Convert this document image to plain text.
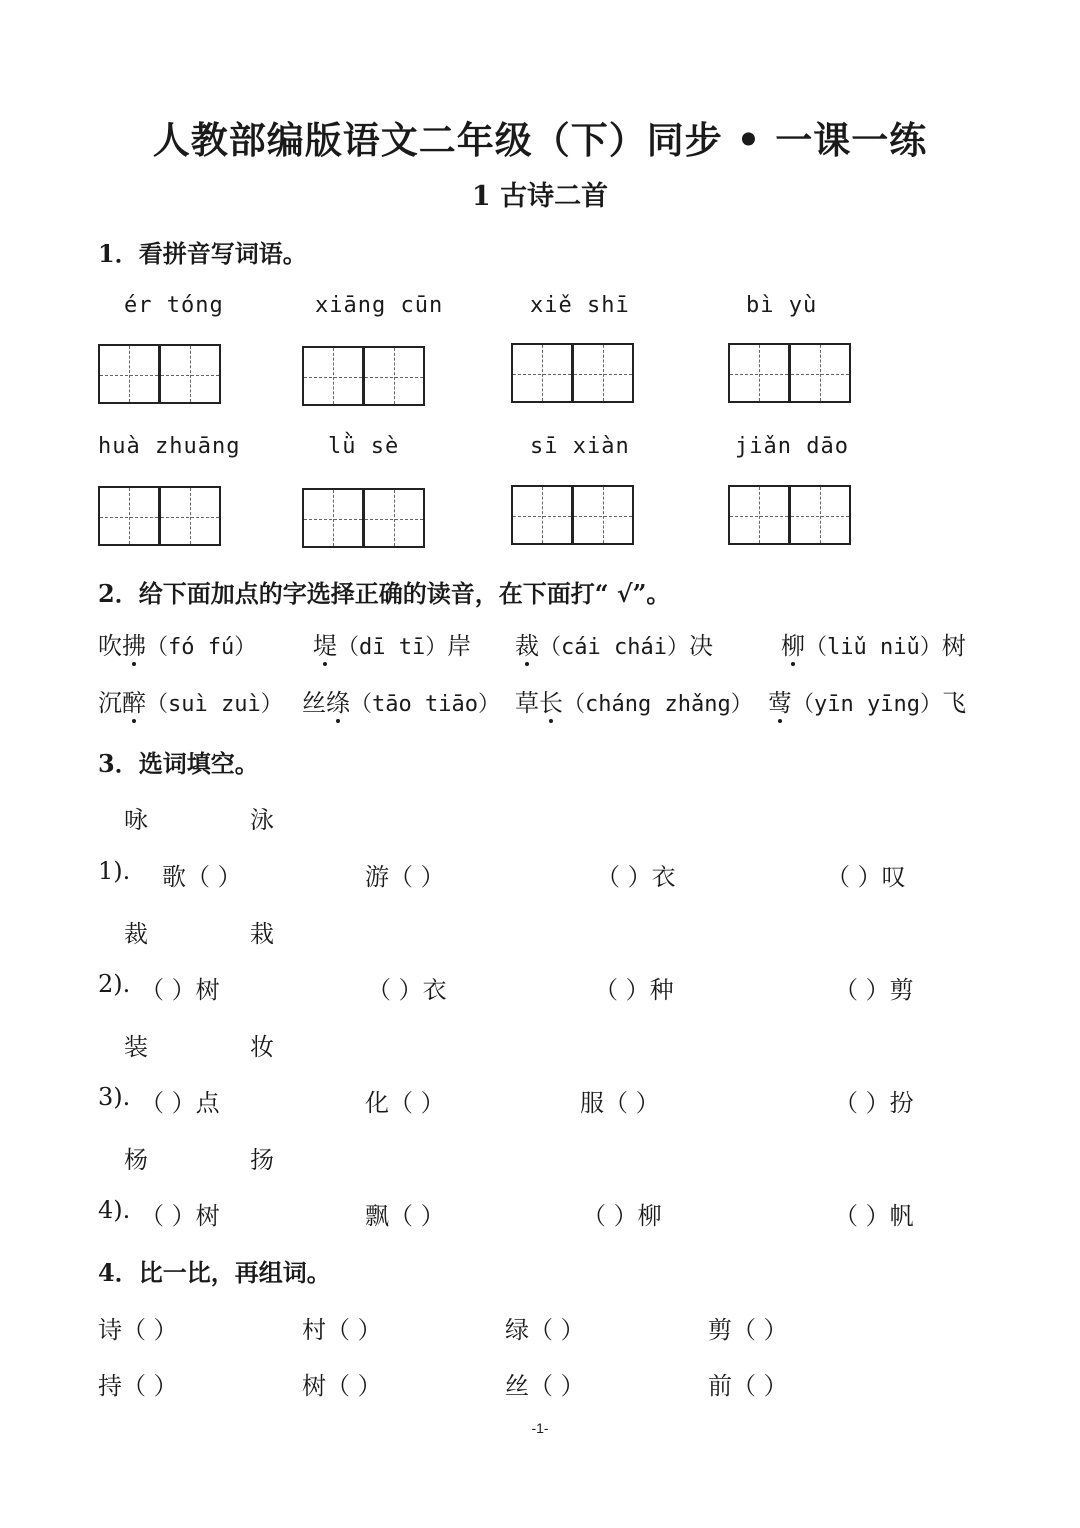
人教部编版语文二年级（下）同步 • 一课一练
1 古诗二首
1．看拼音写词语。
ér tóng	xiāng cūn	xiě shī	bì yù
huà zhuāng	lǜ sè	sī xiàn	jiǎn dāo
2．给下面加点的字选择正确的读音，在下面打“ √”。
吹拂（fó fú） 堤（dī tī）岸 裁（cái chái）决	柳（liǔ niǔ）树
沉醉（suì zuì） 丝绦（tāo tiāo） 草长（cháng zhǎng） 莺（yīn yīng）飞
3．选词填空。
咏	泳
1). 歌（ ）	游（ ）	（ ）衣	（ ）叹
裁	栽
2). （ ）树	（ ）衣	（ ）种	（ ）剪
装	妆
3). （ ）点	化（ ）	服（ ）	（ ）扮
杨	扬
4). （ ）树	飘（ ）	（ ）柳	（ ）帆
4．比一比，再组词。
诗（ ）	村（ ）	绿（ ）	剪（ ）
持（ ）	树（ ）	丝（ ）	前（ ）
-1-
